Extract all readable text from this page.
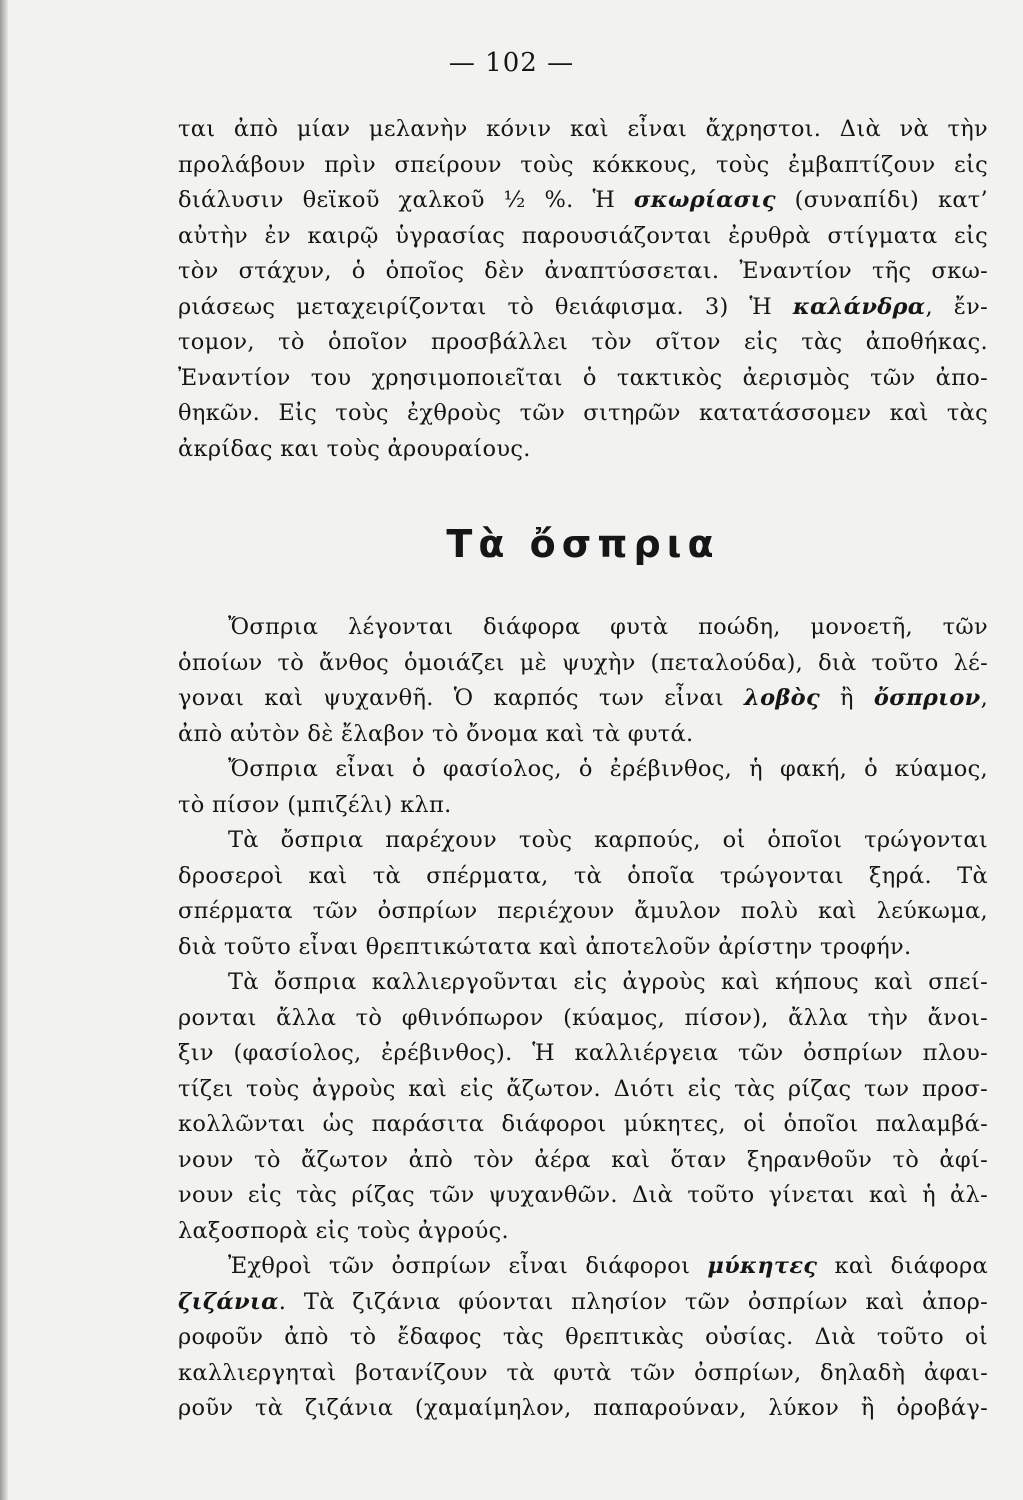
— 102 —
ται ἀπὸ μίαν μελανὴν κόνιν καὶ εἶναι ἄχρηστοι. Διὰ νὰ τὴν
προλάβουν πρὶν σπείρουν τοὺς κόκκους, τοὺς ἐμβαπτίζουν εἰς
διάλυσιν θεϊκοῦ χαλκοῦ ½ %. Ἡ σκωρίασις (συναπίδι) κατ’
αὐτὴν ἐν καιρῷ ὑγρασίας παρουσιάζονται ἐρυθρὰ στίγματα εἰς
τὸν στάχυν, ὁ ὁποῖος δὲν ἀναπτύσσεται. Ἐναντίον τῆς σκω-
ριάσεως μεταχειρίζονται τὸ θειάφισμα. 3) Ἡ καλάνδρα, ἔν-
τομον, τὸ ὁποῖον προσβάλλει τὸν σῖτον εἰς τὰς ἀποθήκας.
Ἐναντίον του χρησιμοποιεῖται ὁ τακτικὸς ἀερισμὸς τῶν ἀπο-
θηκῶν. Εἰς τοὺς ἐχθροὺς τῶν σιτηρῶν κατατάσσομεν καὶ τὰς
ἀκρίδας και τοὺς ἀρουραίους.
Τὰ ὄσπρια
Ὄσπρια λέγονται διάφορα φυτὰ ποώδη, μονοετῆ, τῶν
ὁποίων τὸ ἄνθος ὁμοιάζει μὲ ψυχὴν (πεταλούδα), διὰ τοῦτο λέ-
γοναι καὶ ψυχανθῆ. Ὁ καρπός των εἶναι λοβὸς ἢ ὄσπριον,
ἀπὸ αὐτὸν δὲ ἔλαβον τὸ ὄνομα καὶ τὰ φυτά.
Ὄσπρια εἶναι ὁ φασίολος, ὁ ἐρέβινθος, ἡ φακή, ὁ κύαμος,
τὸ πίσον (μπιζέλι) κλπ.
Τὰ ὄσπρια παρέχουν τοὺς καρπούς, οἱ ὁποῖοι τρώγονται
δροσεροὶ καὶ τὰ σπέρματα, τὰ ὁποῖα τρώγονται ξηρά. Τὰ
σπέρματα τῶν ὀσπρίων περιέχουν ἄμυλον πολὺ καὶ λεύκωμα,
διὰ τοῦτο εἶναι θρεπτικώτατα καὶ ἀποτελοῦν ἀρίστην τροφήν.
Τὰ ὄσπρια καλλιεργοῦνται εἰς ἀγροὺς καὶ κήπους καὶ σπεί-
ρονται ἄλλα τὸ φθινόπωρον (κύαμος, πίσον), ἄλλα τὴν ἄνοι-
ξιν (φασίολος, ἐρέβινθος). Ἡ καλλιέργεια τῶν ὀσπρίων πλου-
τίζει τοὺς ἀγροὺς καὶ εἰς ἄζωτον. Διότι εἰς τὰς ρίζας των προσ-
κολλῶνται ὡς παράσιτα διάφοροι μύκητες, οἱ ὁποῖοι παλαμβά-
νουν τὸ ἄζωτον ἀπὸ τὸν ἀέρα καὶ ὅταν ξηρανθοῦν τὸ ἀφί-
νουν εἰς τὰς ρίζας τῶν ψυχανθῶν. Διὰ τοῦτο γίνεται καὶ ἡ ἀλ-
λαξοσπορὰ εἰς τοὺς ἀγρούς.
Ἐχθροὶ τῶν ὀσπρίων εἶναι διάφοροι μύκητες καὶ διάφορα
ζιζάνια. Τὰ ζιζάνια φύονται πλησίον τῶν ὀσπρίων καὶ ἀπορ-
ροφοῦν ἀπὸ τὸ ἔδαφος τὰς θρεπτικὰς οὐσίας. Διὰ τοῦτο οἱ
καλλιεργηταὶ βοτανίζουν τὰ φυτὰ τῶν ὀσπρίων, δηλαδὴ ἀφαι-
ροῦν τὰ ζιζάνια (χαμαίμηλον, παπαρούναν, λύκον ἢ ὀροβάγ-
